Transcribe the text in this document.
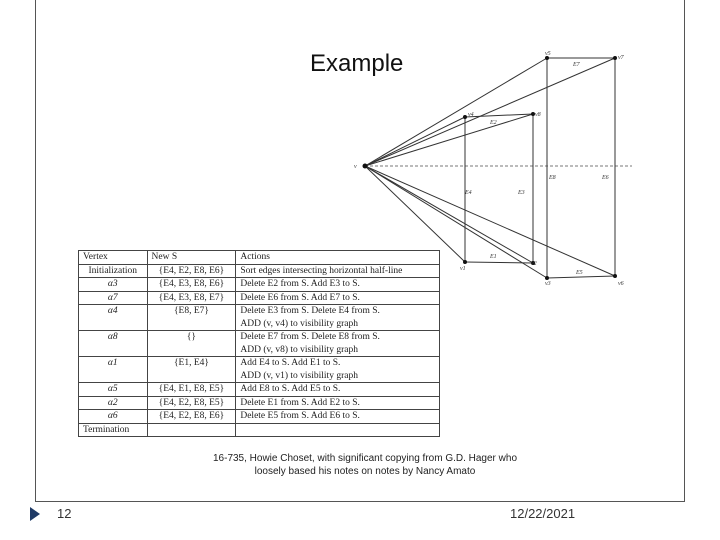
Example
v
v4	v8
v5
v7
v1
v2
v3	v6
E2
E7
E4	E3
E8	E6
E1
E5
Vertex	New S	Actions
Initialization	{E4, E2, E8, E6}	Sort edges intersecting horizontal half-line
α3	{E4, E3, E8, E6}	Delete E2 from S. Add E3 to S.
α7	{E4, E3, E8, E7}	Delete E6 from S. Add E7 to S.
α4	{E8, E7}	Delete E3 from S. Delete E4 from S.
		ADD (v, v4) to visibility graph
α8	{}	Delete E7 from S. Delete E8 from S.
		ADD (v, v8) to visibility graph
α1	{E1, E4}	Add E4 to S. Add E1 to S.
		ADD (v, v1) to visibility graph
α5	{E4, E1, E8, E5}	Add E8 to S. Add E5 to S.
α2	{E4, E2, E8, E5}	Delete E1 from S. Add E2 to S.
α6	{E4, E2, E8, E6}	Delete E5 from S. Add E6 to S.
Termination		
16-735, Howie Choset, with significant copying from G.D. Hager who
loosely based his notes on notes by Nancy Amato
12	12/22/2021
